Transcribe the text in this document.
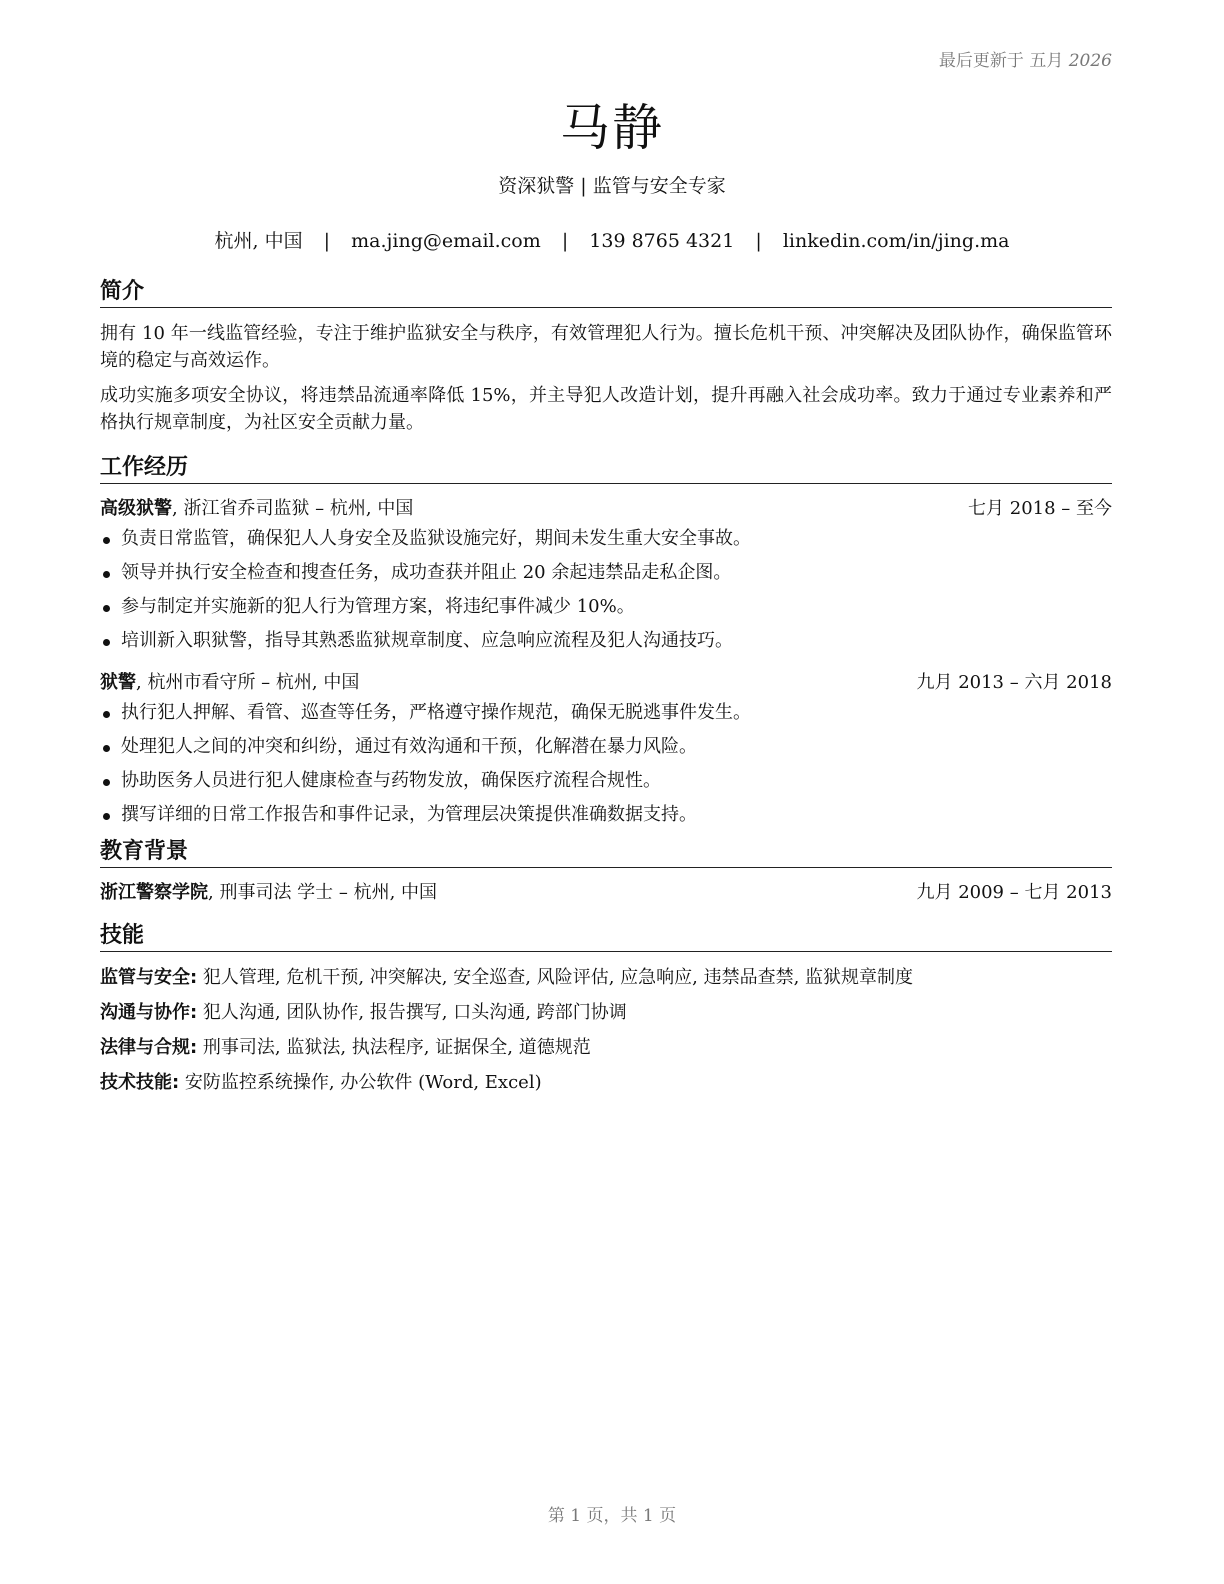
最后更新于 五月 2026
马静
资深狱警 | 监管与安全专家
杭州, 中国 | ma.jing@email.com | 139 8765 4321 | linkedin.com/in/jing.ma
简介

拥有 10 年一线监管经验，专注于维护监狱安全与秩序，有效管理犯人行为。擅长危机干预、冲突解决及团队协作，确保监管环境的稳定与高效运作。

成功实施多项安全协议，将违禁品流通率降低 15%，并主导犯人改造计划，提升再融入社会成功率。致力于通过专业素养和严格执行规章制度，为社区安全贡献力量。

工作经历
高级狱警, 浙江省乔司监狱 – 杭州, 中国	七月 2018 – 至今
负责日常监管，确保犯人人身安全及监狱设施完好，期间未发生重大安全事故。
领导并执行安全检查和搜查任务，成功查获并阻止 20 余起违禁品走私企图。
参与制定并实施新的犯人行为管理方案，将违纪事件减少 10%。
培训新入职狱警，指导其熟悉监狱规章制度、应急响应流程及犯人沟通技巧。
狱警, 杭州市看守所 – 杭州, 中国	九月 2013 – 六月 2018
执行犯人押解、看管、巡查等任务，严格遵守操作规范，确保无脱逃事件发生。
处理犯人之间的冲突和纠纷，通过有效沟通和干预，化解潜在暴力风险。
协助医务人员进行犯人健康检查与药物发放，确保医疗流程合规性。
撰写详细的日常工作报告和事件记录，为管理层决策提供准确数据支持。
教育背景
浙江警察学院, 刑事司法 学士 – 杭州, 中国	九月 2009 – 七月 2013
技能
监管与安全: 犯人管理, 危机干预, 冲突解决, 安全巡查, 风险评估, 应急响应, 违禁品查禁, 监狱规章制度
沟通与协作: 犯人沟通, 团队协作, 报告撰写, 口头沟通, 跨部门协调
法律与合规: 刑事司法, 监狱法, 执法程序, 证据保全, 道德规范
技术技能: 安防监控系统操作, 办公软件 (Word, Excel)
第 1 页，共 1 页
